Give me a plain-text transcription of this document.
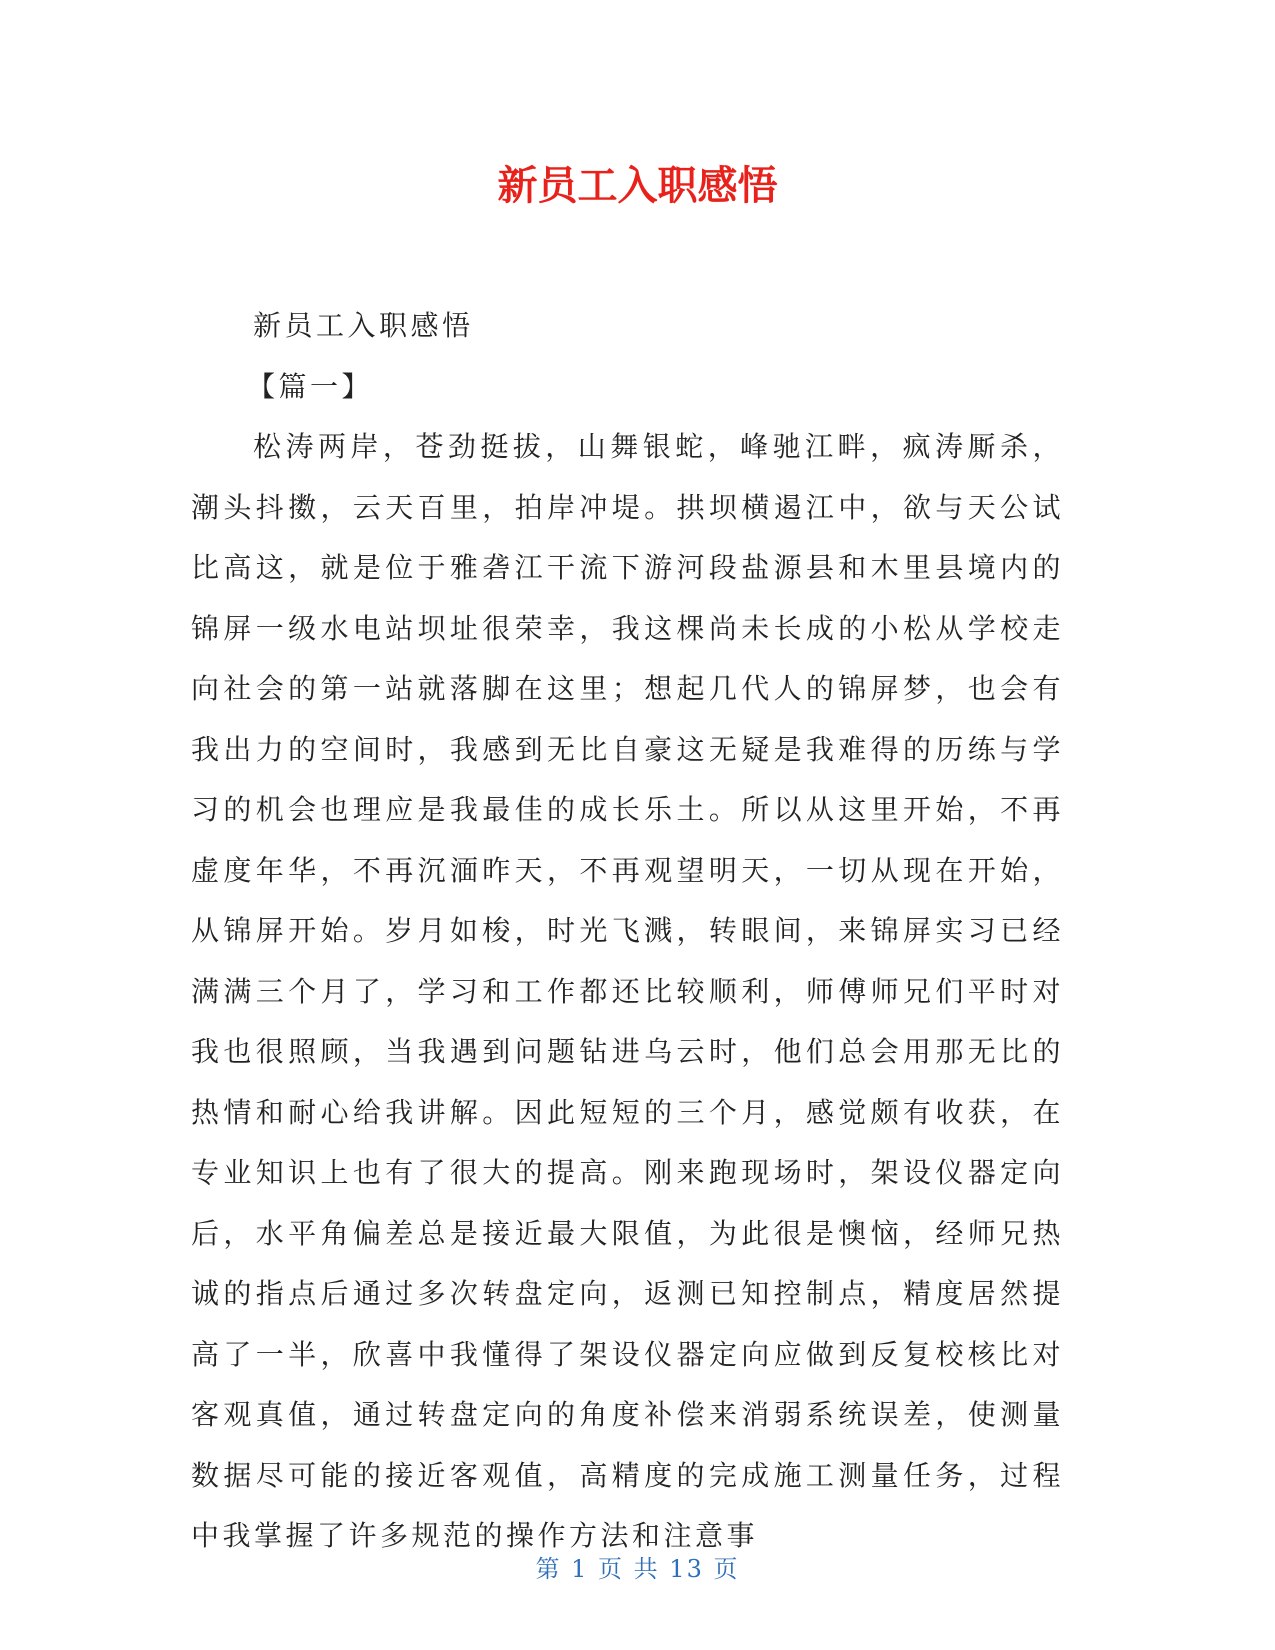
新员工入职感悟

新员工入职感悟

【篇一】

松涛两岸，苍劲挺拔，山舞银蛇，峰驰江畔，疯涛厮杀，潮头抖擞，云天百里，拍岸冲堤。拱坝横遏江中，欲与天公试比高这，就是位于雅砻江干流下游河段盐源县和木里县境内的锦屏一级水电站坝址很荣幸，我这棵尚未长成的小松从学校走向社会的第一站就落脚在这里；想起几代人的锦屏梦，也会有我出力的空间时，我感到无比自豪这无疑是我难得的历练与学习的机会也理应是我最佳的成长乐土。所以从这里开始，不再虚度年华，不再沉湎昨天，不再观望明天，一切从现在开始，从锦屏开始。岁月如梭，时光飞溅，转眼间，来锦屏实习已经满满三个月了，学习和工作都还比较顺利，师傅师兄们平时对我也很照顾，当我遇到问题钻进乌云时，他们总会用那无比的热情和耐心给我讲解。因此短短的三个月，感觉颇有收获，在专业知识上也有了很大的提高。刚来跑现场时，架设仪器定向后，水平角偏差总是接近最大限值，为此很是懊恼，经师兄热诚的指点后通过多次转盘定向，返测已知控制点，精度居然提高了一半，欣喜中我懂得了架设仪器定向应做到反复校核比对客观真值，通过转盘定向的角度补偿来消弱系统误差，使测量数据尽可能的接近客观值，高精度的完成施工测量任务，过程中我掌握了许多规范的操作方法和注意事

第 1 页 共 13 页
